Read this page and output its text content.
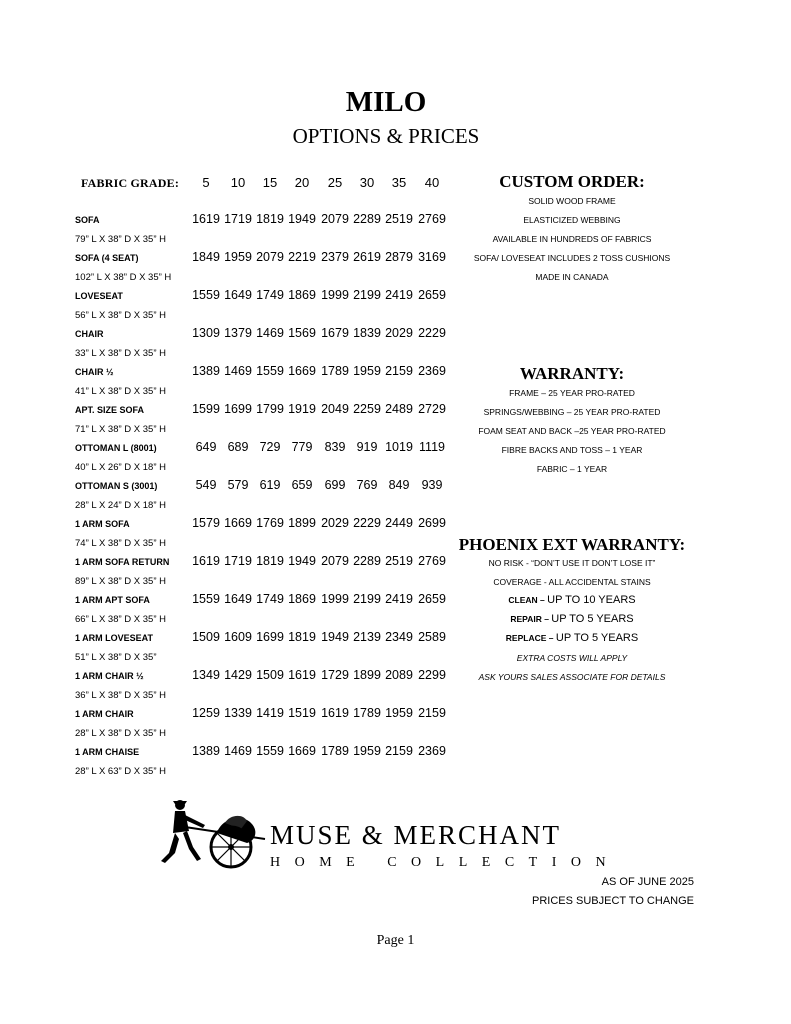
MILO
OPTIONS & PRICES
FABRIC GRADE:	5	10	15	20	25	30	35	40
SOFA
79” L X 38” D X 35” H
1619 1719 1819 1949 2079 2289 2519 2769
SOFA (4 SEAT)
102” L X 38” D X 35” H
1849 1959 2079 2219 2379 2619 2879 3169
LOVESEAT
56” L X 38” D X 35” H
1559 1649 1749 1869 1999 2199 2419 2659
CHAIR
33” L X 38” D X 35” H
1309 1379 1469 1569 1679 1839 2029 2229
CHAIR ½
41” L X 38” D X 35” H
1389 1469 1559 1669 1789 1959 2159 2369
APT. SIZE SOFA
71” L X 38” D X 35” H
1599 1699 1799 1919 2049 2259 2489 2729
OTTOMAN L (8001)
40” L X 26” D X 18” H
649 689 729 779 839 919 1019 1119
OTTOMAN S (3001)
28” L X 24” D X 18” H
549 579 619 659 699 769 849 939
1 ARM SOFA
74” L X 38” D X 35” H
1579 1669 1769 1899 2029 2229 2449 2699
1 ARM SOFA RETURN
89” L X 38” D X 35” H
1619 1719 1819 1949 2079 2289 2519 2769
1 ARM APT SOFA
66” L X 38” D X 35” H
1559 1649 1749 1869 1999 2199 2419 2659
1 ARM LOVESEAT
51” L X 38” D X 35”
1509 1609 1699 1819 1949 2139 2349 2589
1 ARM CHAIR ½
36” L X 38” D X 35” H
1349 1429 1509 1619 1729 1899 2089 2299
1 ARM CHAIR
28” L X 38” D X 35” H
1259 1339 1419 1519 1619 1789 1959 2159
1 ARM CHAISE
28” L X 63” D X 35” H
1389 1469 1559 1669 1789 1959 2159 2369
CUSTOM ORDER:
SOLID WOOD FRAME
ELASTICIZED WEBBING
AVAILABLE IN HUNDREDS OF FABRICS
SOFA/ LOVESEAT INCLUDES 2 TOSS CUSHIONS
MADE IN CANADA
WARRANTY:
FRAME – 25 YEAR PRO-RATED
SPRINGS/WEBBING – 25 YEAR PRO-RATED
FOAM SEAT AND BACK –25 YEAR PRO-RATED
FIBRE BACKS AND TOSS – 1 YEAR
FABRIC – 1 YEAR
PHOENIX EXT WARRANTY:
NO RISK - “DON’T USE IT DON’T LOSE IT”
COVERAGE - ALL ACCIDENTAL STAINS
CLEAN – UP TO 10 YEARS
REPAIR – UP TO 5 YEARS
REPLACE – UP TO 5 YEARS
EXTRA COSTS WILL APPLY
ASK YOURS SALES ASSOCIATE FOR DETAILS
MUSE & MERCHANT
HOME COLLECTION
AS OF JUNE 2025
PRICES SUBJECT TO CHANGE
Page 1
